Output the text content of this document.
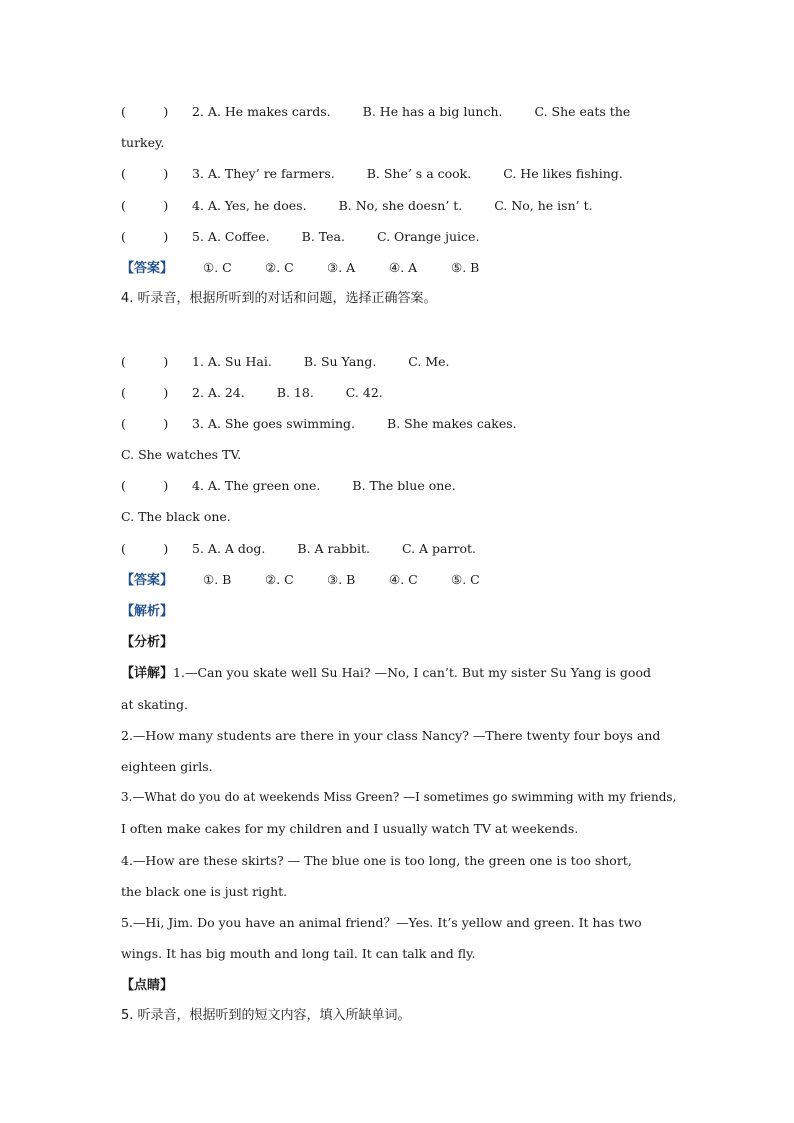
(　　　) 2. A. He makes cards.	B. He has a big lunch.	C. She eats the
turkey.
(　　　) 3. A. They’ re farmers.	B. She’ s a cook.	C. He likes fishing.
(　　　) 4. A. Yes, he does.	B. No, she doesn’ t.	C. No, he isn’ t.
(　　　) 5. A. Coffee.	B. Tea.	C. Orange juice.
【答案】 ①. C	②. C	③. A	④. A	⑤. B
4. 听录音，根据所听到的对话和问题，选择正确答案。
(　　　) 1. A. Su Hai.	B. Su Yang.	C. Me.
(　　　) 2. A. 24.	B. 18.	C. 42.
(　　　) 3. A. She goes swimming.	B. She makes cakes.
C. She watches TV.
(　　　) 4. A. The green one.	B. The blue one.
C. The black one.
(　　　) 5. A. A dog.	B. A rabbit.	C. A parrot.
【答案】 ①. B	②. C	③. B	④. C	⑤. C
【解析】
【分析】
【详解】1.—Can you skate well Su Hai? —No, I can’t. But my sister Su Yang is good
at skating.
2.—How many students are there in your class Nancy? —There twenty four boys and
eighteen girls.
3.—What do you do at weekends Miss Green? —I sometimes go swimming with my friends,
I often make cakes for my children and I usually watch TV at weekends.
4.—How are these skirts? — The blue one is too long, the green one is too short,
the black one is just right.
5.—Hi, Jim. Do you have an animal friend？—Yes. It’s yellow and green. It has two
wings. It has big mouth and long tail. It can talk and fly.
【点睛】
5. 听录音，根据听到的短文内容，填入所缺单词。
